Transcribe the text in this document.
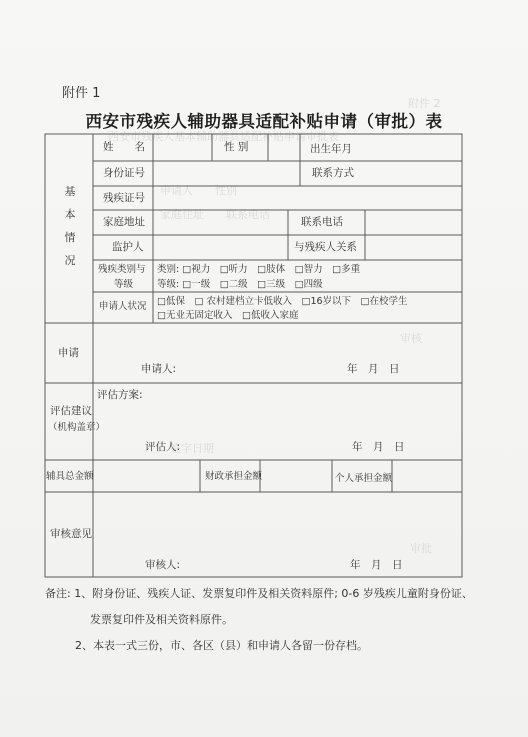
附件 2
西安市残疾人基本辅助器具适配补贴申请审批表
申请人　　性别
家庭住址　　联系电话
签字日期
审核
审批
附件 1
西安市残疾人辅助器具适配补贴申请（审批）表
基
本
情
况
姓　　名	性 别	出生年月
身份证号	联系方式
残疾证号
家庭地址	联系电话
监护人	与残疾人关系
残疾类别与
等级
类别: □视力　□听力　□肢体　□智力　□多重
等级: □一级　□二级　□三级　□四级
申请人状况 □低保　□ 农村建档立卡低收入　□16岁以下　□在校学生
□无业无固定收入　□低收入家庭
申请
申请人:	年　月　日
评估建议
（机构盖章）
评估方案:
评估人:	年　月　日
辅具总金额	财政承担金额	个人承担金额
审核意见
审核人:	年　月　日
备注: 1、附身份证、残疾人证、发票复印件及相关资料原件; 0-6 岁残疾儿童附身份证、
发票复印件及相关资料原件。
2、本表一式三份，市、各区（县）和申请人各留一份存档。
